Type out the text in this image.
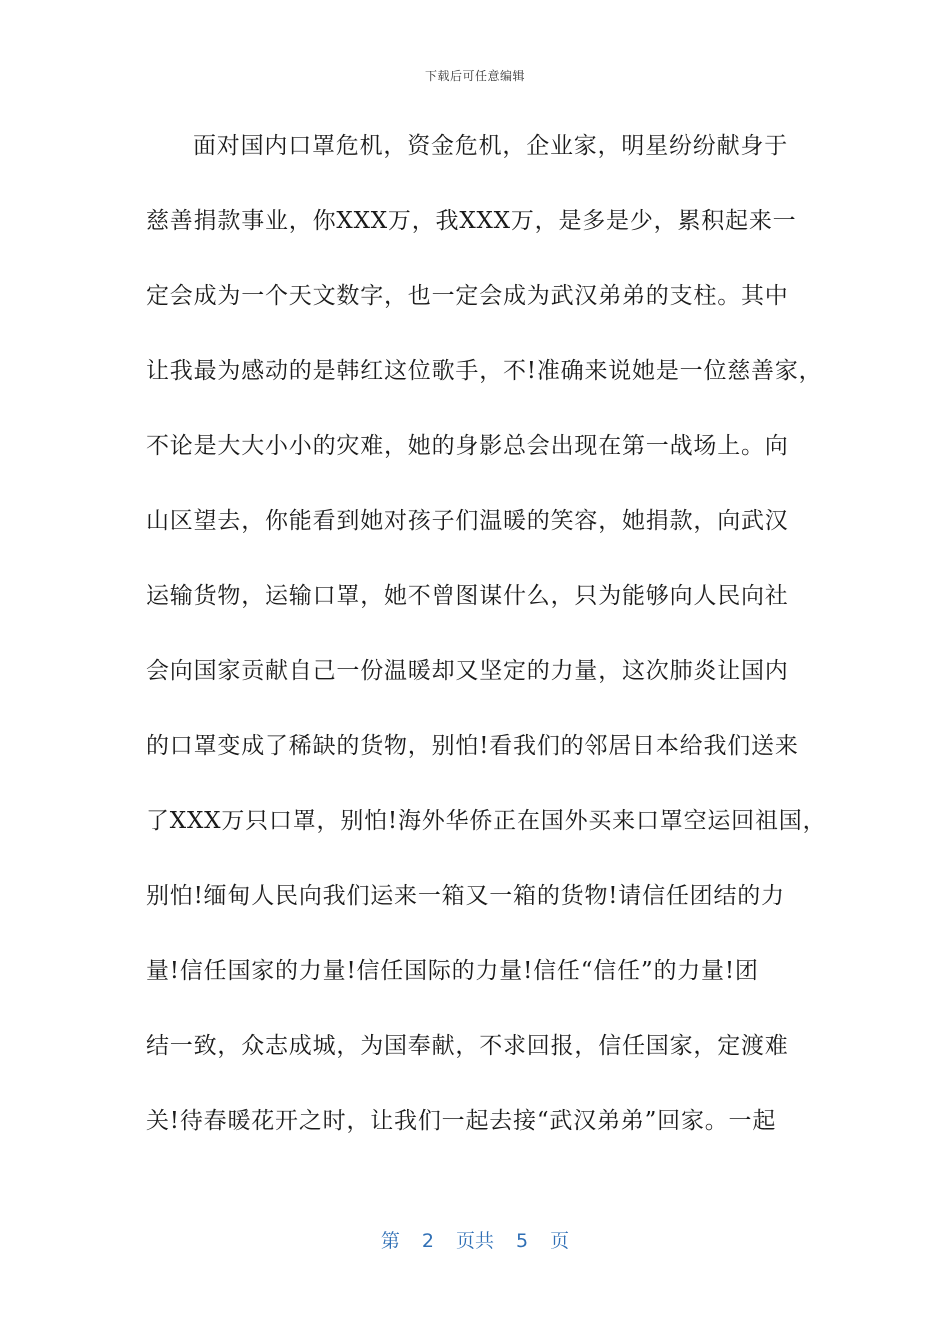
下载后可任意编辑
面对国内口罩危机，资金危机，企业家，明星纷纷献身于
慈善捐款事业，你XXX万，我XXX万，是多是少，累积起来一
定会成为一个天文数字，也一定会成为武汉弟弟的支柱。其中
让我最为感动的是韩红这位歌手，不!准确来说她是一位慈善家，
不论是大大小小的灾难，她的身影总会出现在第一战场上。向
山区望去，你能看到她对孩子们温暖的笑容，她捐款，向武汉
运输货物，运输口罩，她不曾图谋什么，只为能够向人民向社
会向国家贡献自己一份温暖却又坚定的力量，这次肺炎让国内
的口罩变成了稀缺的货物，别怕!看我们的邻居日本给我们送来
了XXX万只口罩，别怕!海外华侨正在国外买来口罩空运回祖国，
别怕!缅甸人民向我们运来一箱又一箱的货物!请信任团结的力
量!信任国家的力量!信任国际的力量!信任“信任”的力量!团
结一致，众志成城，为国奉献，不求回报，信任国家，定渡难
关!待春暖花开之时，让我们一起去接“武汉弟弟”回家。一起
第 2 页共 5 页
